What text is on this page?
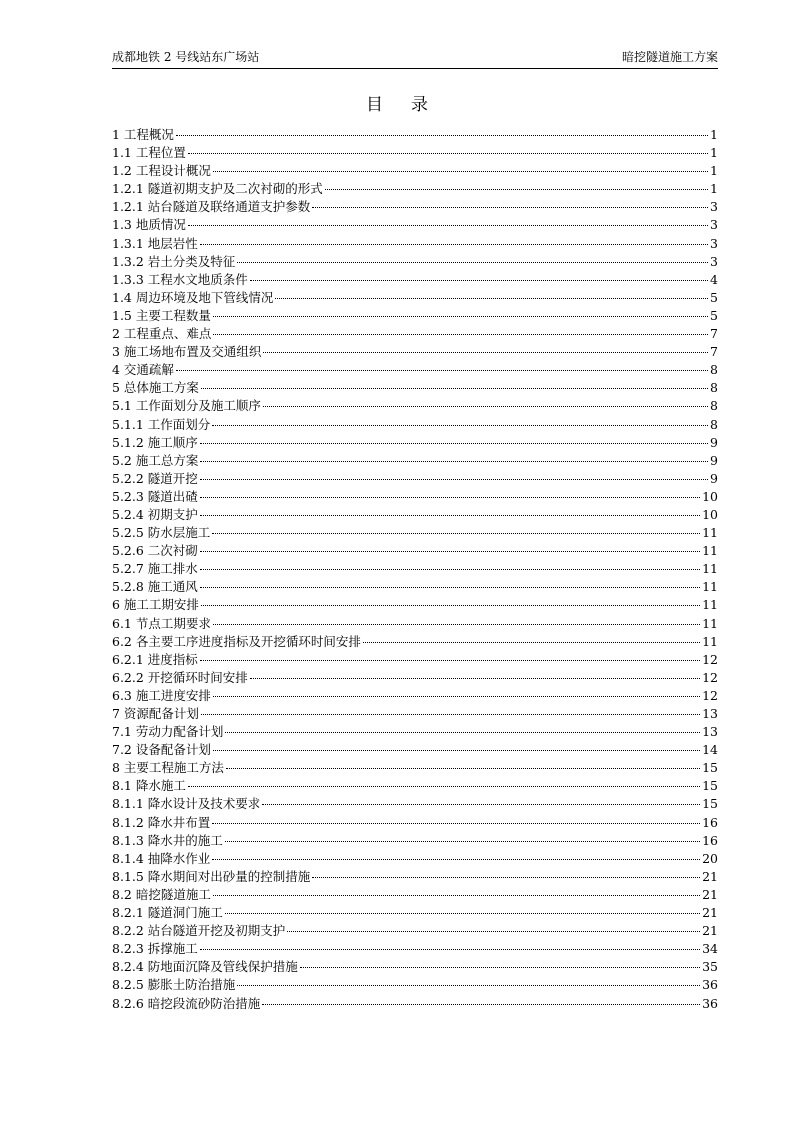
成都地铁 2 号线站东广场站	暗挖隧道施工方案
目 录
1 工程概况	1
1.1 工程位置	1
1.2 工程设计概况	1
1.2.1 隧道初期支护及二次衬砌的形式	1
1.2.1 站台隧道及联络通道支护参数	3
1.3 地质情况	3
1.3.1 地层岩性	3
1.3.2 岩土分类及特征	3
1.3.3 工程水文地质条件	4
1.4 周边环境及地下管线情况	5
1.5 主要工程数量	5
2 工程重点、难点	7
3 施工场地布置及交通组织	7
4 交通疏解	8
5 总体施工方案	8
5.1 工作面划分及施工顺序	8
5.1.1 工作面划分	8
5.1.2 施工顺序	9
5.2 施工总方案	9
5.2.2 隧道开挖	9
5.2.3 隧道出碴	10
5.2.4 初期支护	10
5.2.5 防水层施工	11
5.2.6 二次衬砌	11
5.2.7 施工排水	11
5.2.8 施工通风	11
6 施工工期安排	11
6.1 节点工期要求	11
6.2 各主要工序进度指标及开挖循环时间安排	11
6.2.1 进度指标	12
6.2.2 开挖循环时间安排	12
6.3 施工进度安排	12
7 资源配备计划	13
7.1 劳动力配备计划	13
7.2 设备配备计划	14
8 主要工程施工方法	15
8.1 降水施工	15
8.1.1 降水设计及技术要求	15
8.1.2 降水井布置	16
8.1.3 降水井的施工	16
8.1.4 抽降水作业	20
8.1.5 降水期间对出砂量的控制措施	21
8.2 暗挖隧道施工	21
8.2.1 隧道洞门施工	21
8.2.2 站台隧道开挖及初期支护	21
8.2.3 拆撑施工	34
8.2.4 防地面沉降及管线保护措施	35
8.2.5 膨胀土防治措施	36
8.2.6 暗挖段流砂防治措施	36
